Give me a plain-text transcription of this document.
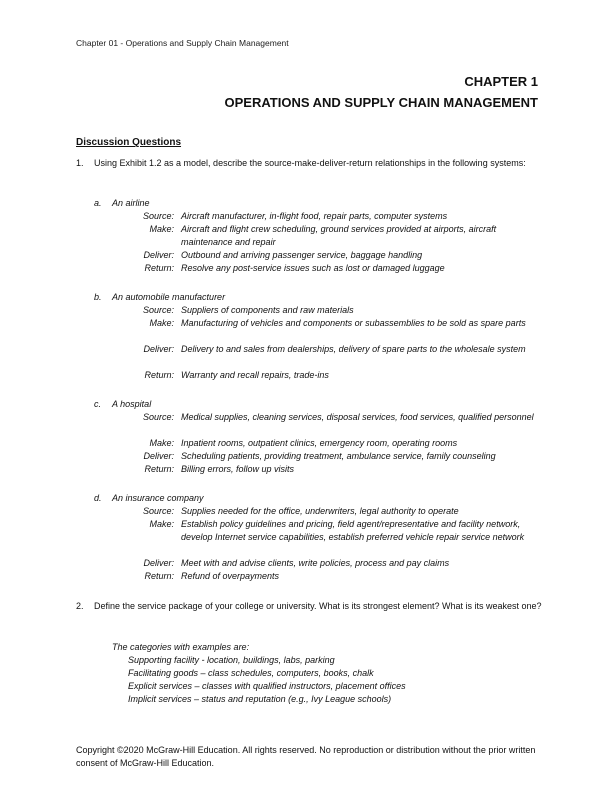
Chapter 01 - Operations and Supply Chain Management
CHAPTER 1
OPERATIONS AND SUPPLY CHAIN MANAGEMENT
Discussion Questions
1. Using Exhibit 1.2 as a model, describe the source-make-deliver-return relationships in the following systems:
a. An airline
Source: Aircraft manufacturer, in-flight food, repair parts, computer systems
Make: Aircraft and flight crew scheduling, ground services provided at airports, aircraft maintenance and repair
Deliver: Outbound and arriving passenger service, baggage handling
Return: Resolve any post-service issues such as lost or damaged luggage
b. An automobile manufacturer
Source: Suppliers of components and raw materials
Make: Manufacturing of vehicles and components or subassemblies to be sold as spare parts
Deliver: Delivery to and sales from dealerships, delivery of spare parts to the wholesale system
Return: Warranty and recall repairs, trade-ins
c. A hospital
Source: Medical supplies, cleaning services, disposal services, food services, qualified personnel
Make: Inpatient rooms, outpatient clinics, emergency room, operating rooms
Deliver: Scheduling patients, providing treatment, ambulance service, family counseling
Return: Billing errors, follow up visits
d. An insurance company
Source: Supplies needed for the office, underwriters, legal authority to operate
Make: Establish policy guidelines and pricing, field agent/representative and facility network, develop Internet service capabilities, establish preferred vehicle repair service network
Deliver: Meet with and advise clients, write policies, process and pay claims
Return: Refund of overpayments
2. Define the service package of your college or university. What is its strongest element? What is its weakest one?
The categories with examples are:
Supporting facility - location, buildings, labs, parking
Facilitating goods – class schedules, computers, books, chalk
Explicit services – classes with qualified instructors, placement offices
Implicit services – status and reputation (e.g., Ivy League schools)
Copyright ©2020 McGraw-Hill Education. All rights reserved. No reproduction or distribution without the prior written consent of McGraw-Hill Education.
